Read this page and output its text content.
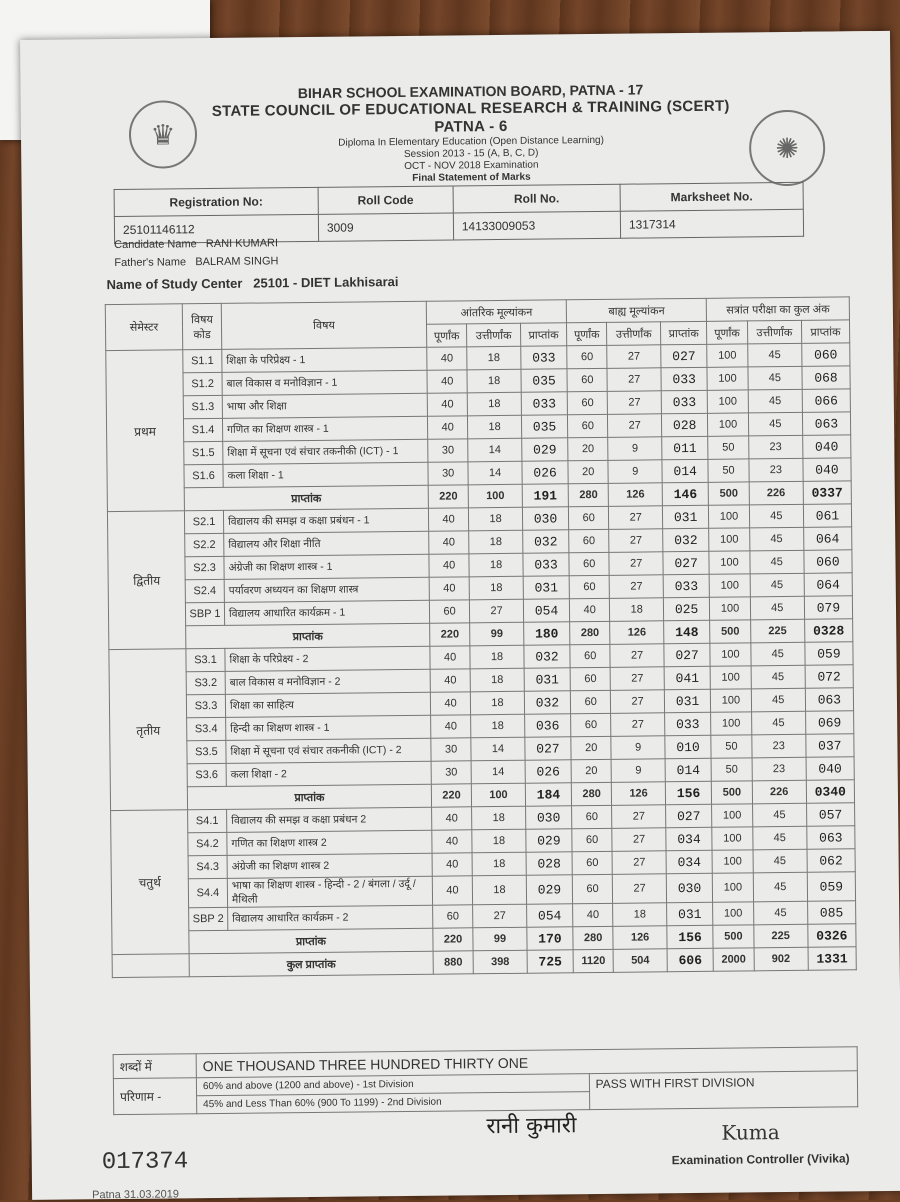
♛	✺
BIHAR SCHOOL EXAMINATION BOARD, PATNA - 17
STATE COUNCIL OF EDUCATIONAL RESEARCH & TRAINING (SCERT) PATNA - 6
Diploma In Elementary Education (Open Distance Learning)
Session 2013 - 15 (A, B, C, D)
OCT - NOV 2018 Examination
Final Statement of Marks
Registration No:	Roll Code	Roll No.	Marksheet No.
25101146112	3009	14133009053	1317314
Candidate Name RANI KUMARI
Father's Name BALRAM SINGH
Name of Study Center 25101 - DIET Lakhisarai
सेमेस्टर	विषय कोड	विषय	आंतरिक मूल्यांकन			बाह्य मूल्यांकन			सत्रांत परीक्षा का कुल अंक		
			पूर्णांक	उत्तीर्णांक	प्राप्तांक	पूर्णांक	उत्तीर्णांक	प्राप्तांक	पूर्णांक	उत्तीर्णांक	प्राप्तांक
प्रथम	S1.1	शिक्षा के परिप्रेक्ष्य - 1	40	18	033	60	27	027	100	45	060
	S1.2	बाल विकास व मनोविज्ञान - 1	40	18	035	60	27	033	100	45	068
	S1.3	भाषा और शिक्षा	40	18	033	60	27	033	100	45	066
	S1.4	गणित का शिक्षण शास्त्र - 1	40	18	035	60	27	028	100	45	063
	S1.5	शिक्षा में सूचना एवं संचार तकनीकी (ICT) - 1	30	14	029	20	9	011	50	23	040
	S1.6	कला शिक्षा - 1	30	14	026	20	9	014	50	23	040
	प्राप्तांक		220	100	191	280	126	146	500	226	0337
द्वितीय	S2.1	विद्यालय की समझ व कक्षा प्रबंधन - 1	40	18	030	60	27	031	100	45	061
	S2.2	विद्यालय और शिक्षा नीति	40	18	032	60	27	032	100	45	064
	S2.3	अंग्रेजी का शिक्षण शास्त्र - 1	40	18	033	60	27	027	100	45	060
	S2.4	पर्यावरण अध्ययन का शिक्षण शास्त्र	40	18	031	60	27	033	100	45	064
	SBP 1	विद्यालय आधारित कार्यक्रम - 1	60	27	054	40	18	025	100	45	079
	प्राप्तांक		220	99	180	280	126	148	500	225	0328
तृतीय	S3.1	शिक्षा के परिप्रेक्ष्य - 2	40	18	032	60	27	027	100	45	059
	S3.2	बाल विकास व मनोविज्ञान - 2	40	18	031	60	27	041	100	45	072
	S3.3	शिक्षा का साहित्य	40	18	032	60	27	031	100	45	063
	S3.4	हिन्दी का शिक्षण शास्त्र - 1	40	18	036	60	27	033	100	45	069
	S3.5	शिक्षा में सूचना एवं संचार तकनीकी (ICT) - 2	30	14	027	20	9	010	50	23	037
	S3.6	कला शिक्षा - 2	30	14	026	20	9	014	50	23	040
	प्राप्तांक		220	100	184	280	126	156	500	226	0340
चतुर्थ	S4.1	विद्यालय की समझ व कक्षा प्रबंधन 2	40	18	030	60	27	027	100	45	057
	S4.2	गणित का शिक्षण शास्त्र 2	40	18	029	60	27	034	100	45	063
	S4.3	अंग्रेजी का शिक्षण शास्त्र 2	40	18	028	60	27	034	100	45	062
	S4.4	भाषा का शिक्षण शास्त्र - हिन्दी - 2 / बंगला / उर्दू / मैथिली	40	18	029	60	27	030	100	45	059
	SBP 2	विद्यालय आधारित कार्यक्रम - 2	60	27	054	40	18	031	100	45	085
	प्राप्तांक		220	99	170	280	126	156	500	225	0326
	कुल प्राप्तांक		880	398	725	1120	504	606	2000	902	1331
शब्दों में	ONE THOUSAND THREE HUNDRED THIRTY ONE	
परिणाम -	60% and above (1200 and above) - 1st Division	PASS WITH FIRST DIVISION
	45% and Less Than 60% (900 To 1199) - 2nd Division	
रानी कुमारी
017374
Kuma
Examination Controller (Vivika)
Patna 31.03.2019
